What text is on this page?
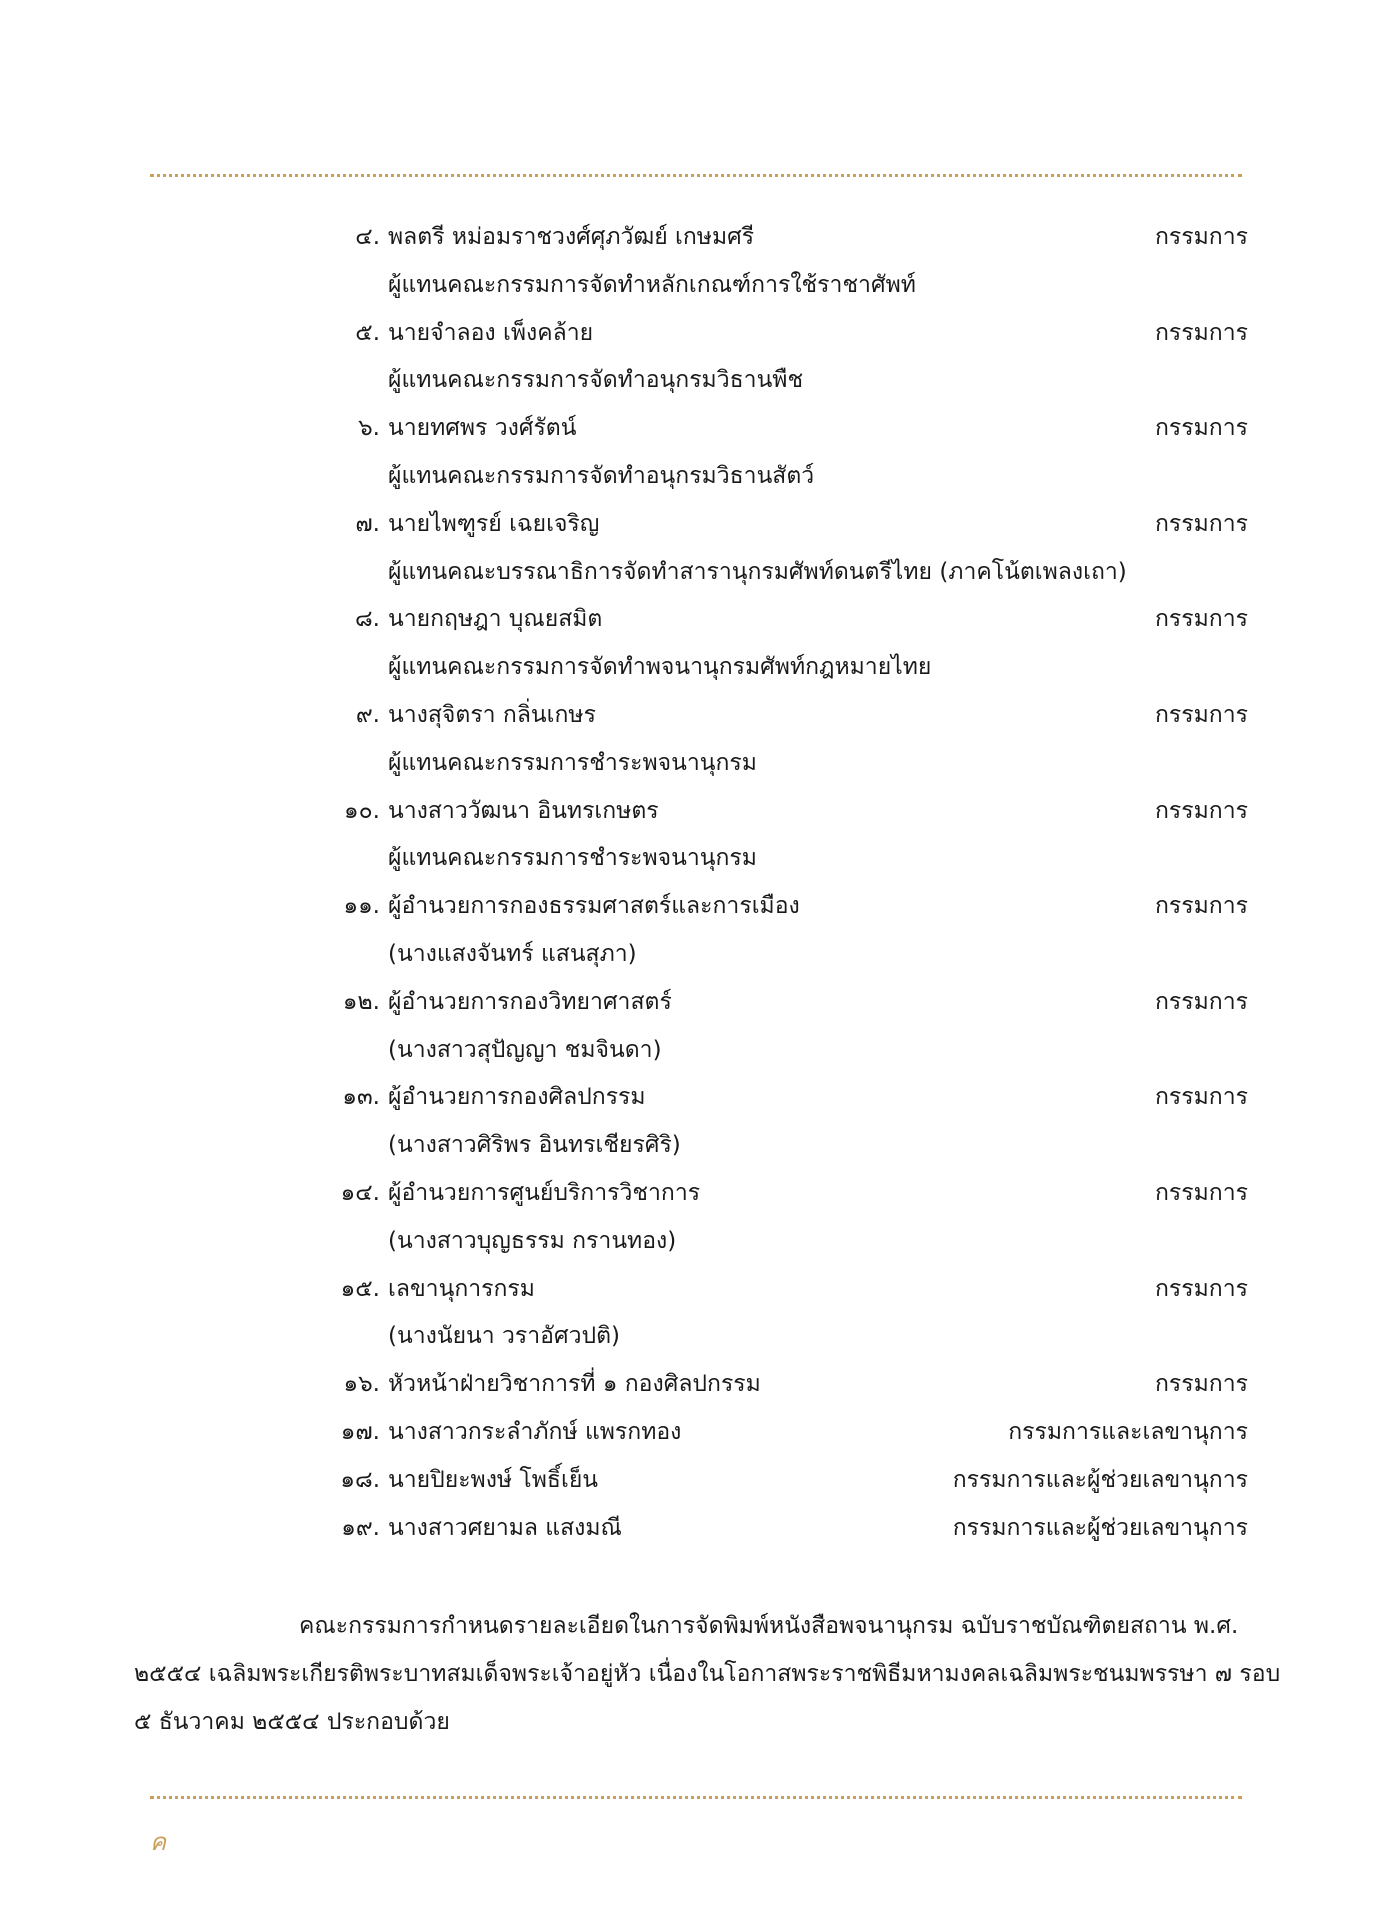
๔. พลตรี หม่อมราชวงศ์ศุภวัฒย์ เกษมศรี	กรรมการ
ผู้แทนคณะกรรมการจัดทำหลักเกณฑ์การใช้ราชาศัพท์
๕. นายจำลอง เพ็งคล้าย	กรรมการ
ผู้แทนคณะกรรมการจัดทำอนุกรมวิธานพืช
๖. นายทศพร วงศ์รัตน์	กรรมการ
ผู้แทนคณะกรรมการจัดทำอนุกรมวิธานสัตว์
๗. นายไพฑูรย์ เฉยเจริญ	กรรมการ
ผู้แทนคณะบรรณาธิการจัดทำสารานุกรมศัพท์ดนตรีไทย (ภาคโน้ตเพลงเถา)
๘. นายกฤษฎา บุณยสมิต	กรรมการ
ผู้แทนคณะกรรมการจัดทำพจนานุกรมศัพท์กฎหมายไทย
๙. นางสุจิตรา กลิ่นเกษร	กรรมการ
ผู้แทนคณะกรรมการชำระพจนานุกรม
๑๐. นางสาววัฒนา อินทรเกษตร	กรรมการ
ผู้แทนคณะกรรมการชำระพจนานุกรม
๑๑. ผู้อำนวยการกองธรรมศาสตร์และการเมือง	กรรมการ
(นางแสงจันทร์ แสนสุภา)
๑๒. ผู้อำนวยการกองวิทยาศาสตร์	กรรมการ
(นางสาวสุปัญญา ชมจินดา)
๑๓. ผู้อำนวยการกองศิลปกรรม	กรรมการ
(นางสาวศิริพร อินทรเชียรศิริ)
๑๔. ผู้อำนวยการศูนย์บริการวิชาการ	กรรมการ
(นางสาวบุญธรรม กรานทอง)
๑๕. เลขานุการกรม	กรรมการ
(นางนัยนา วราอัศวปติ)
๑๖. หัวหน้าฝ่ายวิชาการที่ ๑ กองศิลปกรรม	กรรมการ
๑๗. นางสาวกระลำภักษ์ แพรกทอง	กรรมการและเลขานุการ
๑๘. นายปิยะพงษ์ โพธิ์เย็น	กรรมการและผู้ช่วยเลขานุการ
๑๙. นางสาวศยามล แสงมณี	กรรมการและผู้ช่วยเลขานุการ

คณะกรรมการกำหนดรายละเอียดในการจัดพิมพ์หนังสือพจนานุกรม ฉบับราชบัณฑิตยสถาน พ.ศ.
๒๕๕๔ เฉลิมพระเกียรติพระบาทสมเด็จพระเจ้าอยู่หัว เนื่องในโอกาสพระราชพิธีมหามงคลเฉลิมพระชนมพรรษา ๗ รอบ
๕ ธันวาคม ๒๕๕๔ ประกอบด้วย

ค
